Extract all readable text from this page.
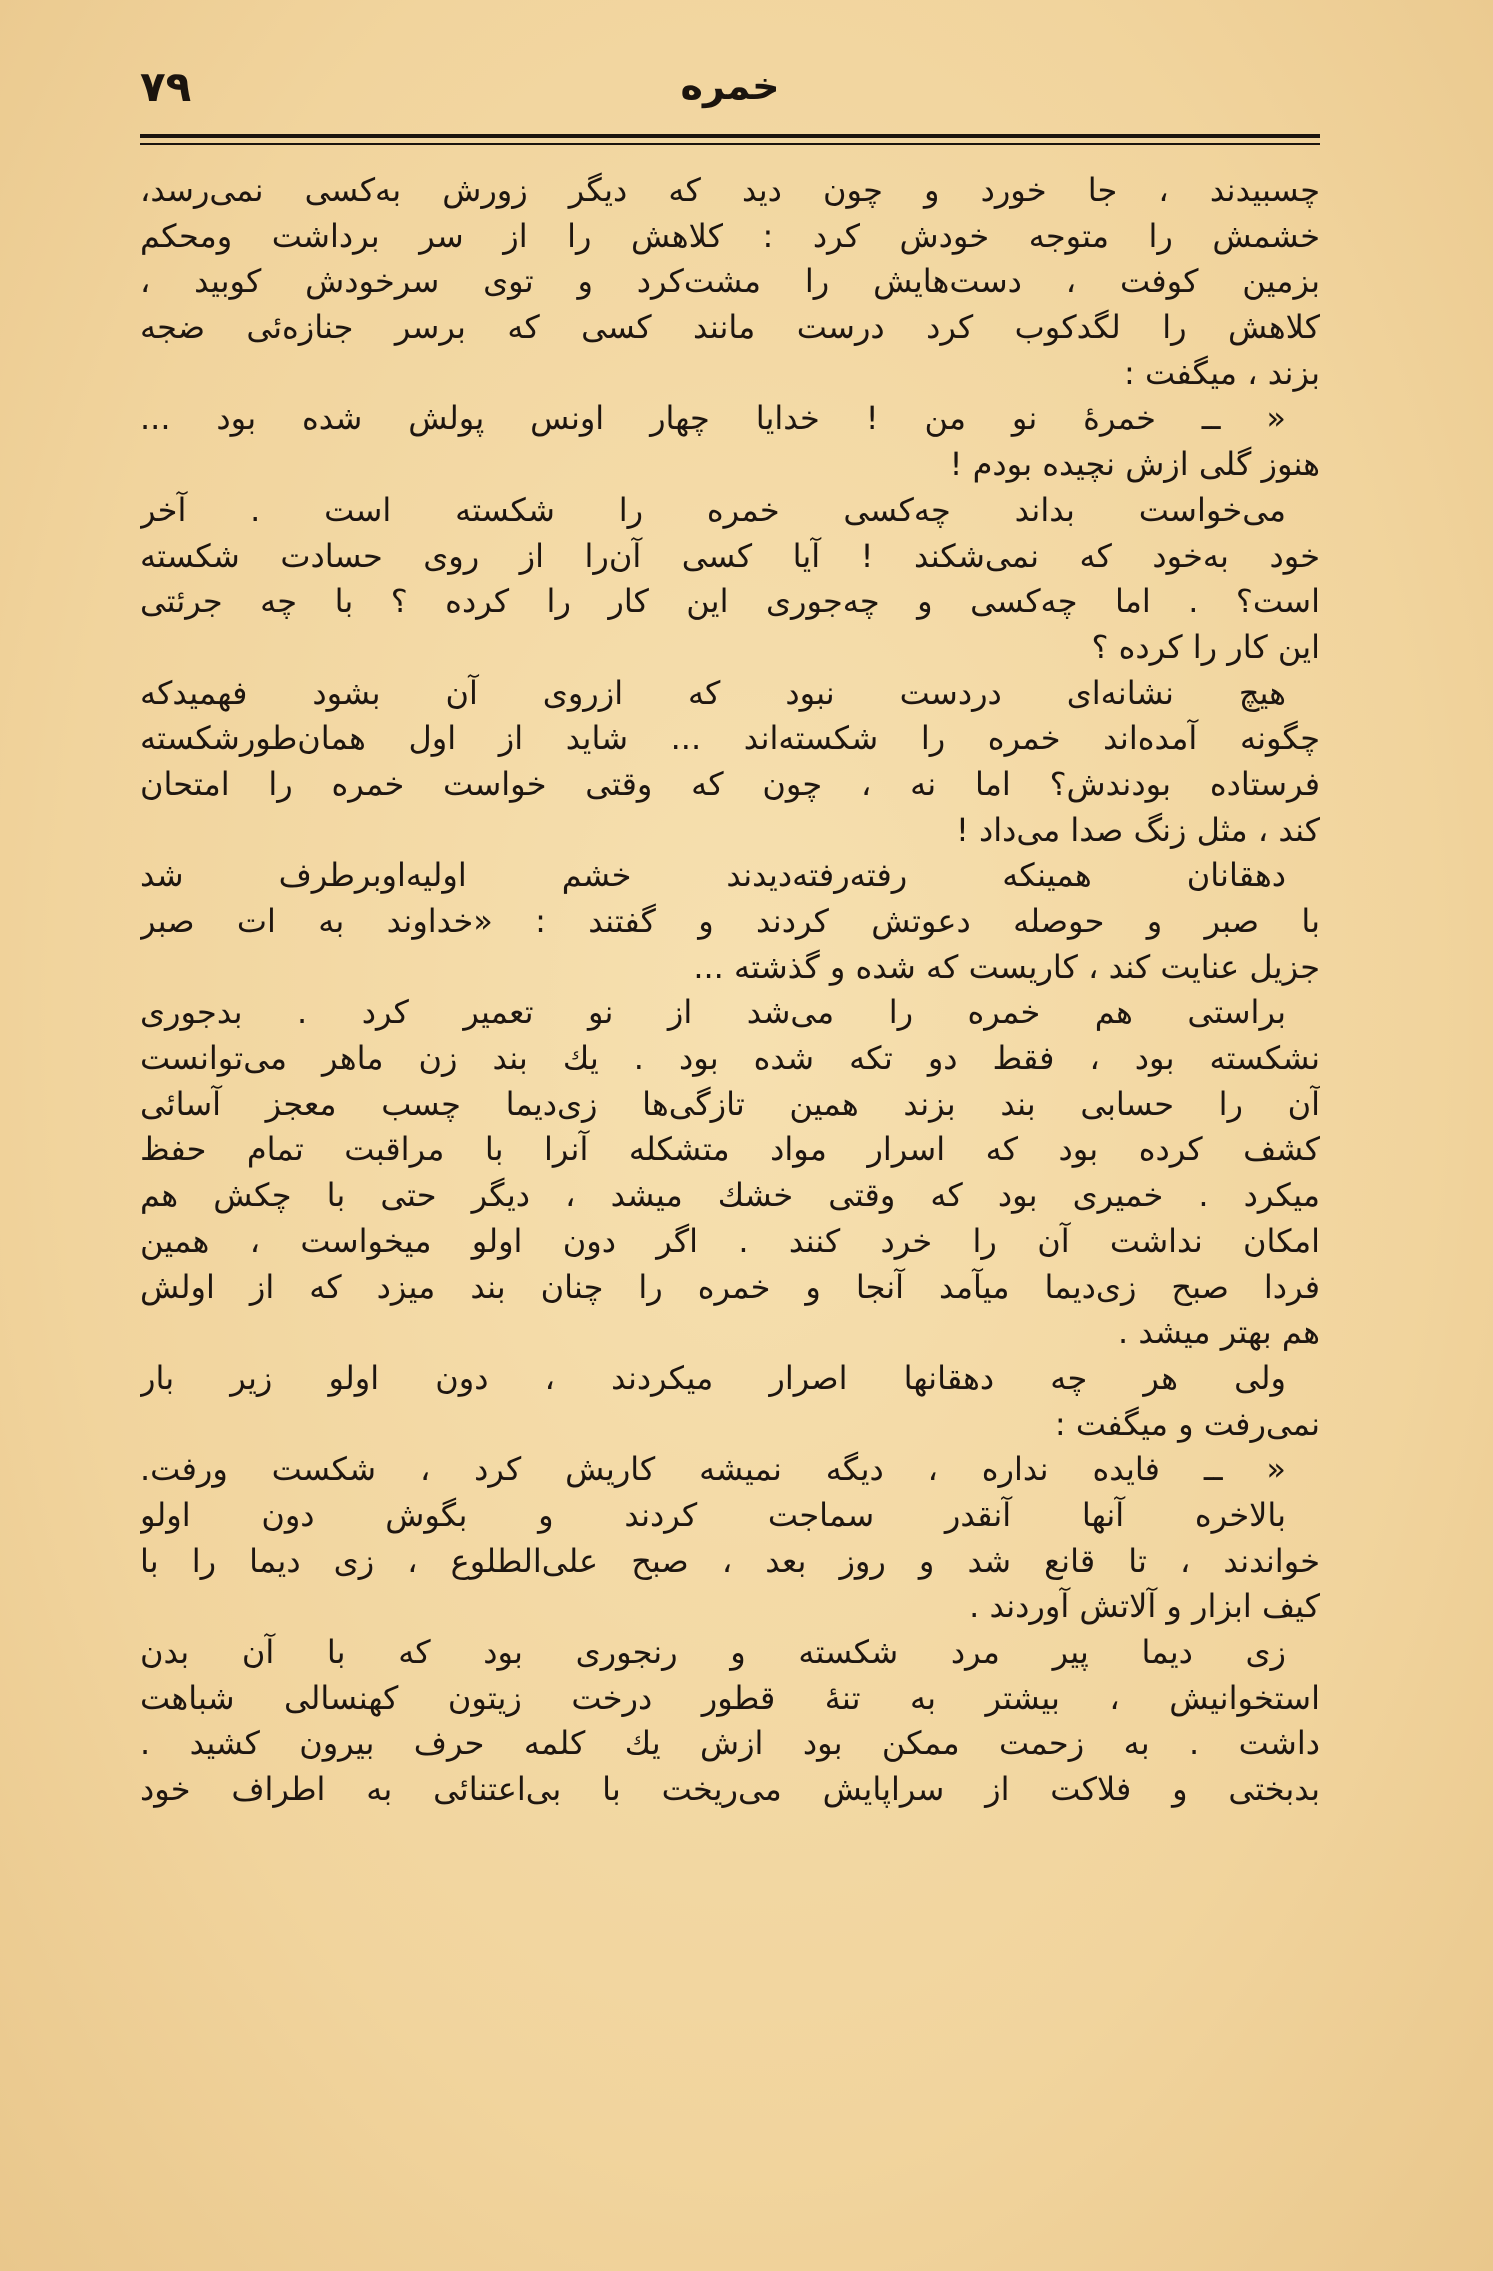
خمره
۷۹
چسبیدند ، جا خورد و چون دید که دیگر زورش به‌کسی نمی‌رسد،
خشمش را متوجه خودش کرد : کلاهش را از سر برداشت ومحکم
بزمین کوفت ، دست‌هایش را مشت‌کرد و توی سرخودش کوبید ،
کلاهش را لگدکوب کرد درست مانند کسی که برسر جنازه‌ئی ضجه
بزند ، میگفت :
« ــ خمرهٔ نو من ! خدایا چهار اونس پولش شده بود ...
هنوز گلی ازش نچیده بودم !
می‌خواست بداند چه‌کسی خمره را شکسته است . آخر
خود به‌خود که نمی‌شکند ! آیا کسی آن‌را از روی حسادت شکسته
است؟ . اما چه‌کسی و چه‌جوری این کار را کرده ؟ با چه جرئتی
این کار را کرده ؟
هیچ نشانه‌ای دردست نبود که ازروی آن بشود فهمیدکه
چگونه آمده‌اند خمره را شکسته‌اند ... شاید از اول همان‌طورشکسته
فرستاده بودندش؟ اما نه ، چون که وقتی خواست خمره را امتحان
کند ، مثل زنگ صدا می‌داد !
دهقانان همینکه رفته‌رفته‌دیدند خشم اولیه‌اوبرطرف شد
با صبر و حوصله دعوتش کردند و گفتند : «خداوند به ات صبر
جزیل عنایت کند ، کاریست که شده و گذشته ...
براستی هم خمره را می‌شد از نو تعمیر کرد . بدجوری
نشکسته بود ، فقط دو تکه شده بود . یك بند زن ماهر می‌توانست
آن را حسابی بند بزند همین تازگی‌ها زی‌دیما چسب معجز آسائی
کشف کرده بود که اسرار مواد متشکله آنرا با مراقبت تمام حفظ
میکرد . خمیری بود که وقتی خشك میشد ، دیگر حتی با چکش هم
امکان نداشت آن را خرد کنند . اگر دون اولو میخواست ، همین
فردا صبح زی‌دیما میآمد آنجا و خمره را چنان بند میزد که از اولش
هم بهتر میشد .
ولی هر چه دهقانها اصرار میکردند ، دون اولو زیر بار
نمی‌رفت و میگفت :
« ــ فایده نداره ، دیگه نمیشه کاریش کرد ، شکست ورفت.
بالاخره آنها آنقدر سماجت کردند و بگوش دون اولو
خواندند ، تا قانع شد و روز بعد ، صبح علی‌الطلوع ، زی دیما را با
کیف ابزار و آلاتش آوردند .
زی دیما پیر مرد شکسته و رنجوری بود که با آن بدن
استخوانیش ، بیشتر به تنهٔ قطور درخت زیتون کهنسالی شباهت
داشت . به زحمت ممکن بود ازش یك کلمه حرف بیرون کشید .
بدبختی و فلاکت از سراپایش می‌ریخت با بی‌اعتنائی به اطراف خود
